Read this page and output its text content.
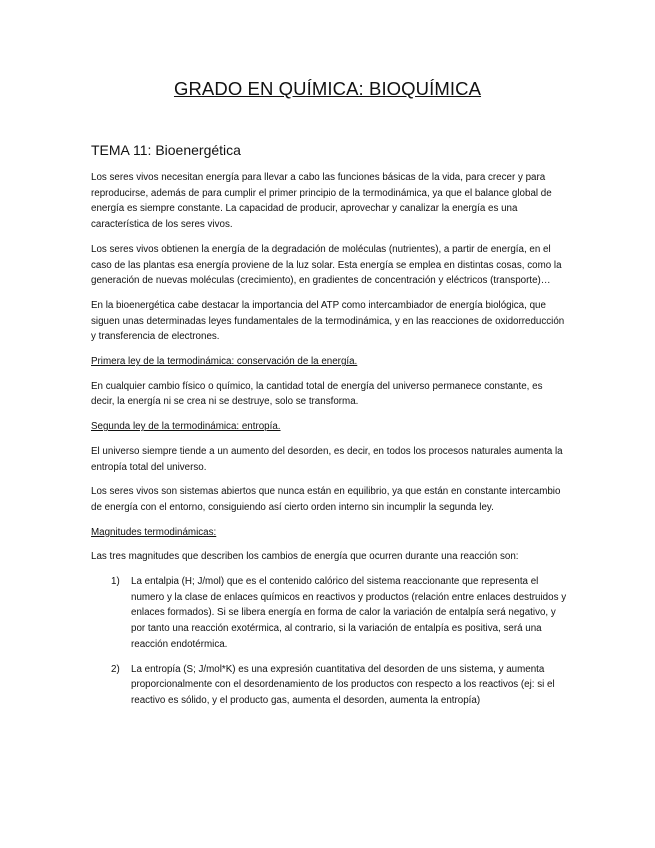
GRADO EN QUÍMICA: BIOQUÍMICA
TEMA 11: Bioenergética

Los seres vivos necesitan energía para llevar a cabo las funciones básicas de la vida, para crecer y para reproducirse, además de para cumplir el primer principio de la termodinámica, ya que el balance global de energía es siempre constante. La capacidad de producir, aprovechar y canalizar la energía es una característica de los seres vivos.

Los seres vivos obtienen la energía de la degradación de moléculas (nutrientes), a partir de energía, en el caso de las plantas esa energía proviene de la luz solar. Esta energía se emplea en distintas cosas, como la generación de nuevas moléculas (crecimiento), en gradientes de concentración y eléctricos (transporte)…

En la bioenergética cabe destacar la importancia del ATP como intercambiador de energía biológica, que siguen unas determinadas leyes fundamentales de la termodinámica, y en las reacciones de oxidorreducción y transferencia de electrones.

Primera ley de la termodinámica: conservación de la energía.

En cualquier cambio físico o químico, la cantidad total de energía del universo permanece constante, es decir, la energía ni se crea ni se destruye, solo se transforma.

Segunda ley de la termodinámica: entropía.

El universo siempre tiende a un aumento del desorden, es decir, en todos los procesos naturales aumenta la entropía total del universo.

Los seres vivos son sistemas abiertos que nunca están en equilibrio, ya que están en constante intercambio de energía con el entorno, consiguiendo así cierto orden interno sin incumplir la segunda ley.

Magnitudes termodinámicas:

Las tres magnitudes que describen los cambios de energía que ocurren durante una reacción son:

1) La entalpia (H; J/mol) que es el contenido calórico del sistema reaccionante que representa el numero y la clase de enlaces químicos en reactivos y productos (relación entre enlaces destruidos y enlaces formados). Si se libera energía en forma de calor la variación de entalpía será negativo, y por tanto una reacción exotérmica, al contrario, si la variación de entalpía es positiva, será una reacción endotérmica.
2) La entropía (S; J/mol*K) es una expresión cuantitativa del desorden de uns sistema, y aumenta proporcionalmente con el desordenamiento de los productos con respecto a los reactivos (ej: si el reactivo es sólido, y el producto gas, aumenta el desorden, aumenta la entropía)
